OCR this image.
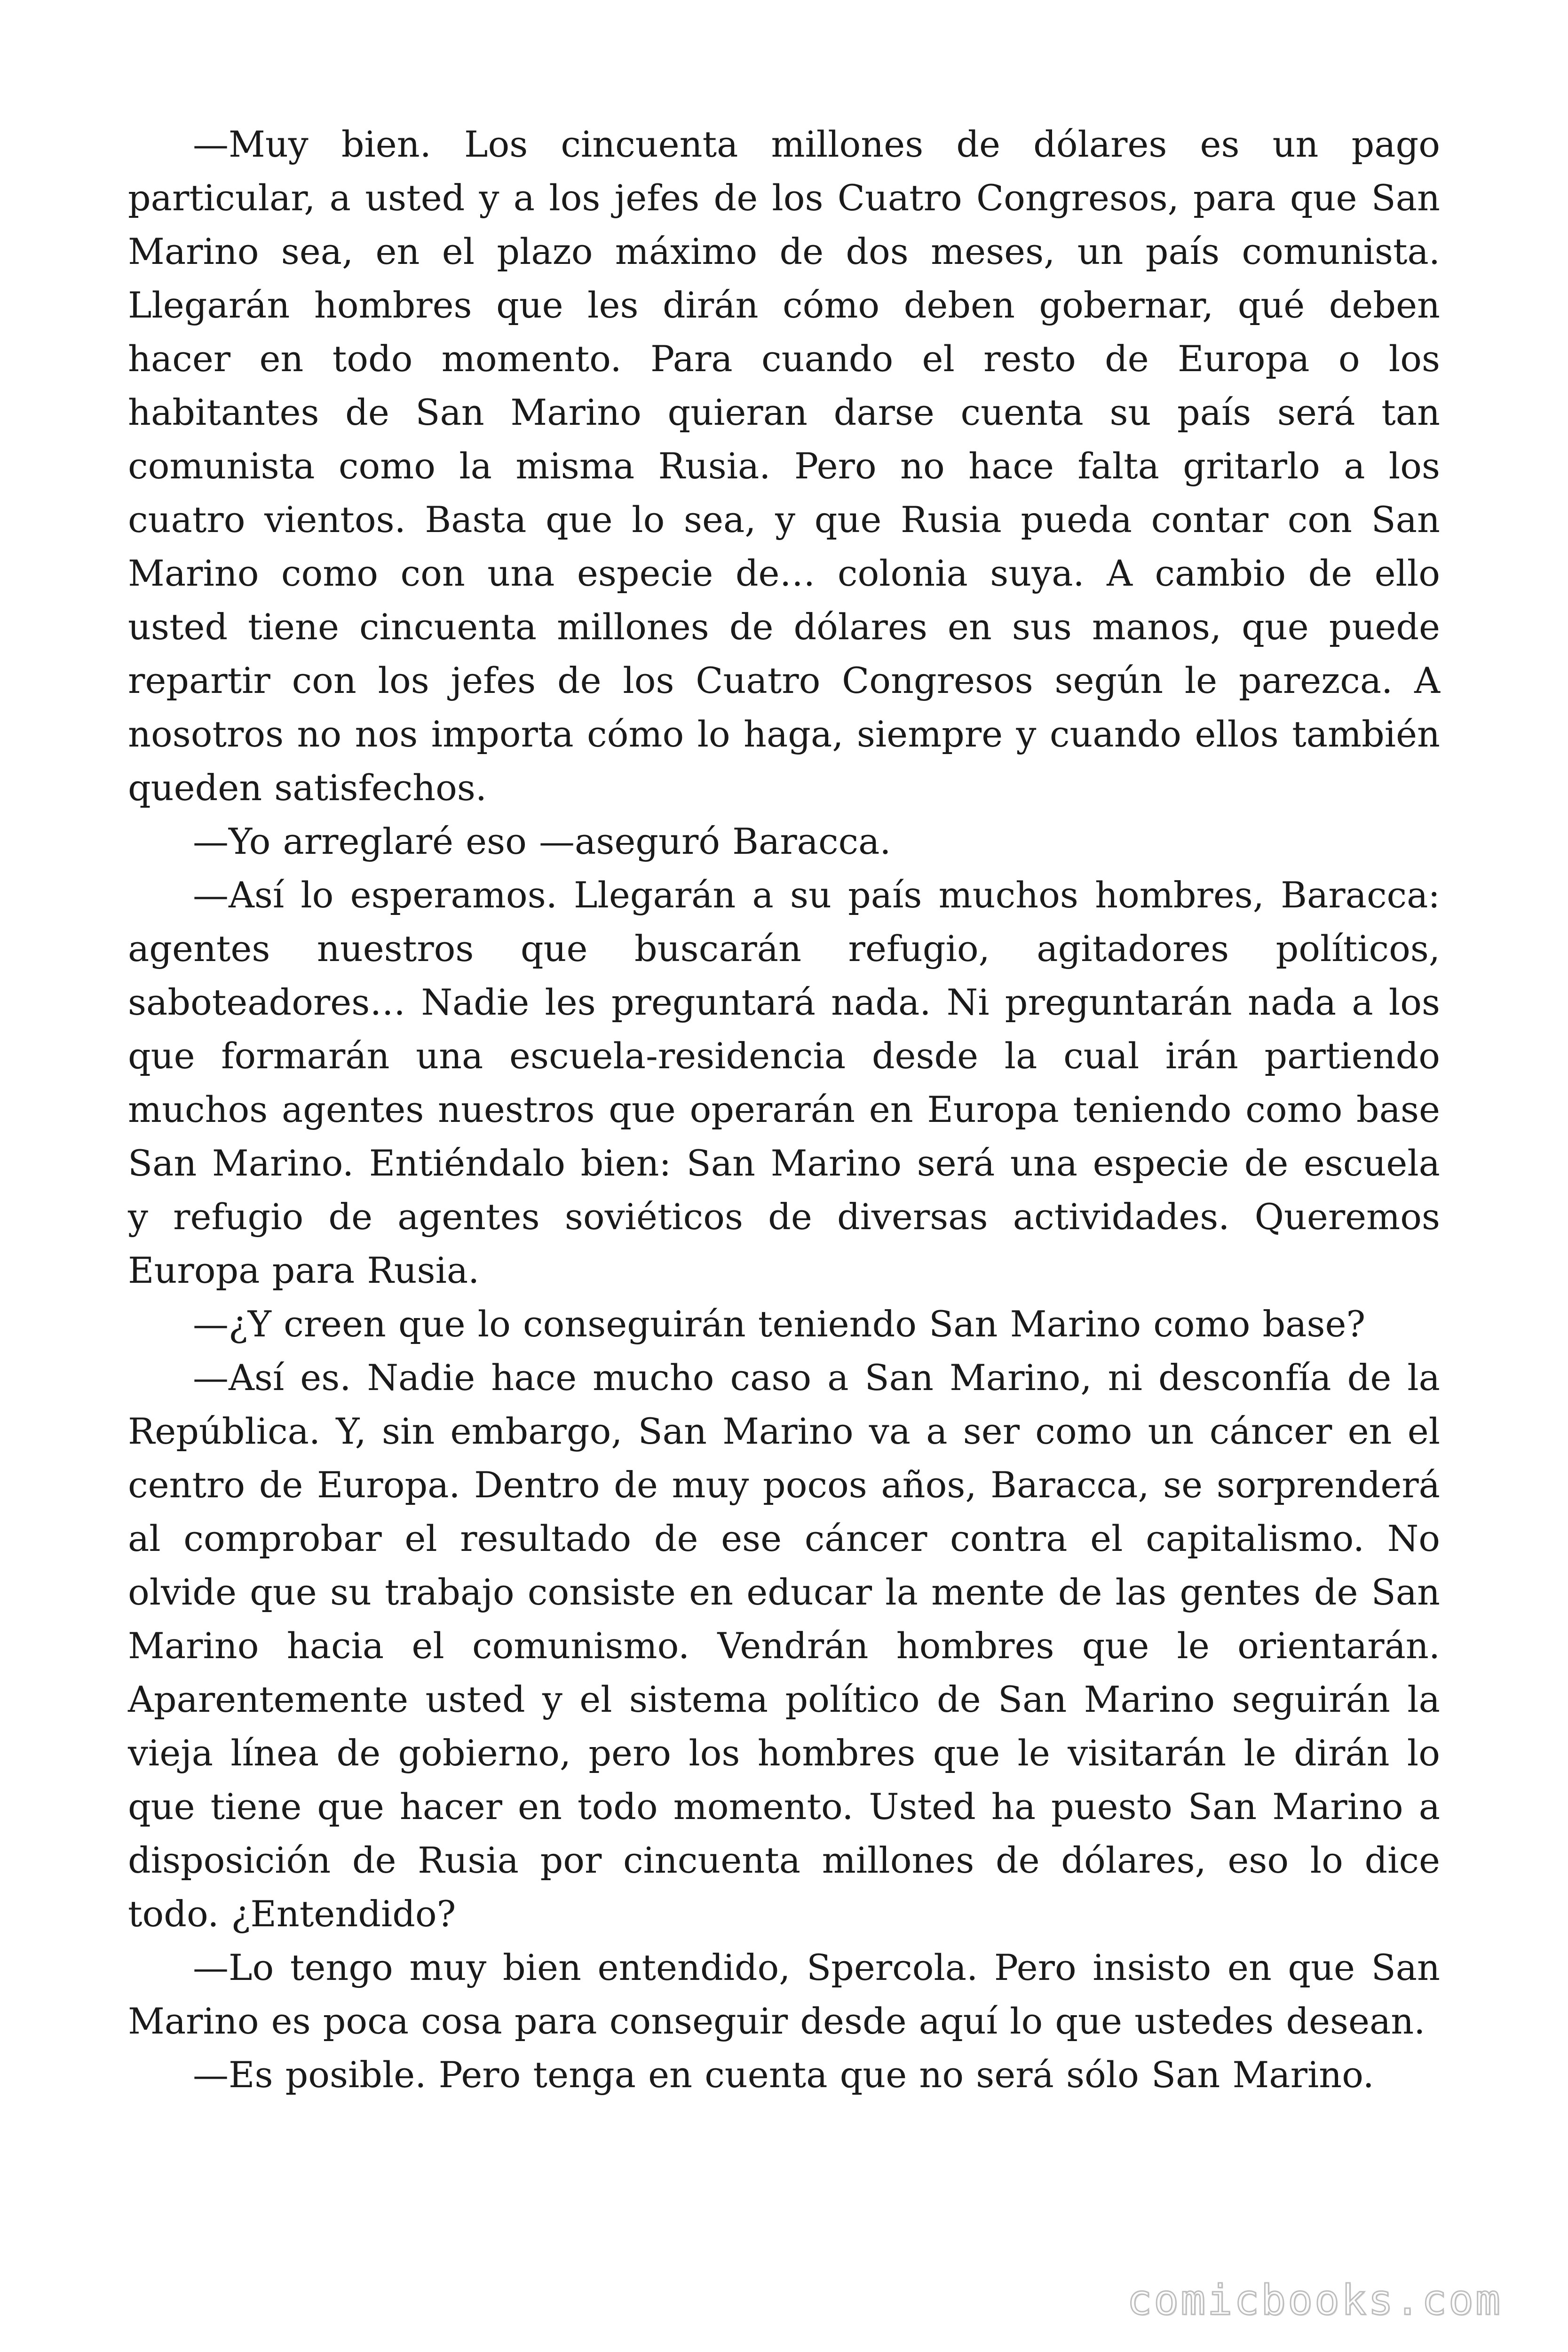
—Muy bien. Los cincuenta millones de dólares es un pago particular, a usted y a los jefes de los Cuatro Congresos, para que San Marino sea, en el plazo máximo de dos meses, un país comunista. Llegarán hombres que les dirán cómo deben gobernar, qué deben hacer en todo momento. Para cuando el resto de Europa o los habitantes de San Marino quieran darse cuenta su país será tan comunista como la misma Rusia. Pero no hace falta gritarlo a los cuatro vientos. Basta que lo sea, y que Rusia pueda contar con San Marino como con una especie de… colonia suya. A cambio de ello usted tiene cincuenta millones de dólares en sus manos, que puede repartir con los jefes de los Cuatro Congresos según le parezca. A nosotros no nos importa cómo lo haga, siempre y cuando ellos también queden satisfechos.

—Yo arreglaré eso —aseguró Baracca.

—Así lo esperamos. Llegarán a su país muchos hombres, Baracca: agentes nuestros que buscarán refugio, agitadores políticos, saboteadores… Nadie les preguntará nada. Ni preguntarán nada a los que formarán una escuela-residencia desde la cual irán partiendo muchos agentes nuestros que operarán en Europa teniendo como base San Marino. Entiéndalo bien: San Marino será una especie de escuela y refugio de agentes soviéticos de diversas actividades. Queremos Europa para Rusia.

—¿Y creen que lo conseguirán teniendo San Marino como base?

—Así es. Nadie hace mucho caso a San Marino, ni desconfía de la República. Y, sin embargo, San Marino va a ser como un cáncer en el centro de Europa. Dentro de muy pocos años, Baracca, se sorprenderá al comprobar el resultado de ese cáncer contra el capitalismo. No olvide que su trabajo consiste en educar la mente de las gentes de San Marino hacia el comunismo. Vendrán hombres que le orientarán. Aparentemente usted y el sistema político de San Marino seguirán la vieja línea de gobierno, pero los hombres que le visitarán le dirán lo que tiene que hacer en todo momento. Usted ha puesto San Marino a disposición de Rusia por cincuenta millones de dólares, eso lo dice todo. ¿Entendido?

—Lo tengo muy bien entendido, Spercola. Pero insisto en que San Marino es poca cosa para conseguir desde aquí lo que ustedes desean.

—Es posible. Pero tenga en cuenta que no será sólo San Marino.

comicbooks.com
